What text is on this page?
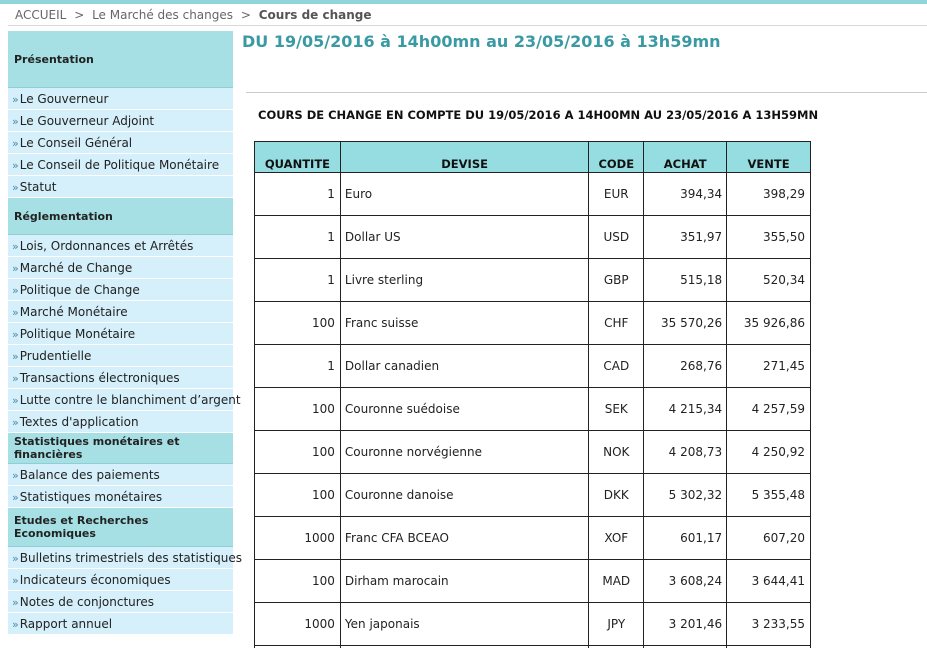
ACCUEIL > Le Marché des changes > Cours de change
Présentation
»Le Gouverneur
»Le Gouverneur Adjoint
»Le Conseil Général
»Le Conseil de Politique Monétaire
»Statut
Réglementation
»Lois, Ordonnances et Arrêtés
»Marché de Change
»Politique de Change
»Marché Monétaire
»Politique Monétaire
»Prudentielle
»Transactions électroniques
»Lutte contre le blanchiment d’argent
»Textes d'application
Statistiques monétaires et financières
»Balance des paiements
»Statistiques monétaires
Etudes et Recherches Economiques
»Bulletins trimestriels des statistiques
»Indicateurs économiques
»Notes de conjonctures
»Rapport annuel
DU 19/05/2016 à 14h00mn au 23/05/2016 à 13h59mn
COURS DE CHANGE EN COMPTE DU 19/05/2016 A 14H00MN AU 23/05/2016 A 13H59MN
QUANTITE	DEVISE	CODE	ACHAT	VENTE
1	Euro	EUR	394,34	398,29
1	Dollar US	USD	351,97	355,50
1	Livre sterling	GBP	515,18	520,34
100	Franc suisse	CHF	35 570,26	35 926,86
1	Dollar canadien	CAD	268,76	271,45
100	Couronne suédoise	SEK	4 215,34	4 257,59
100	Couronne norvégienne	NOK	4 208,73	4 250,92
100	Couronne danoise	DKK	5 302,32	5 355,48
1000	Franc CFA BCEAO	XOF	601,17	607,20
100	Dirham marocain	MAD	3 608,24	3 644,41
1000	Yen japonais	JPY	3 201,46	3 233,55
